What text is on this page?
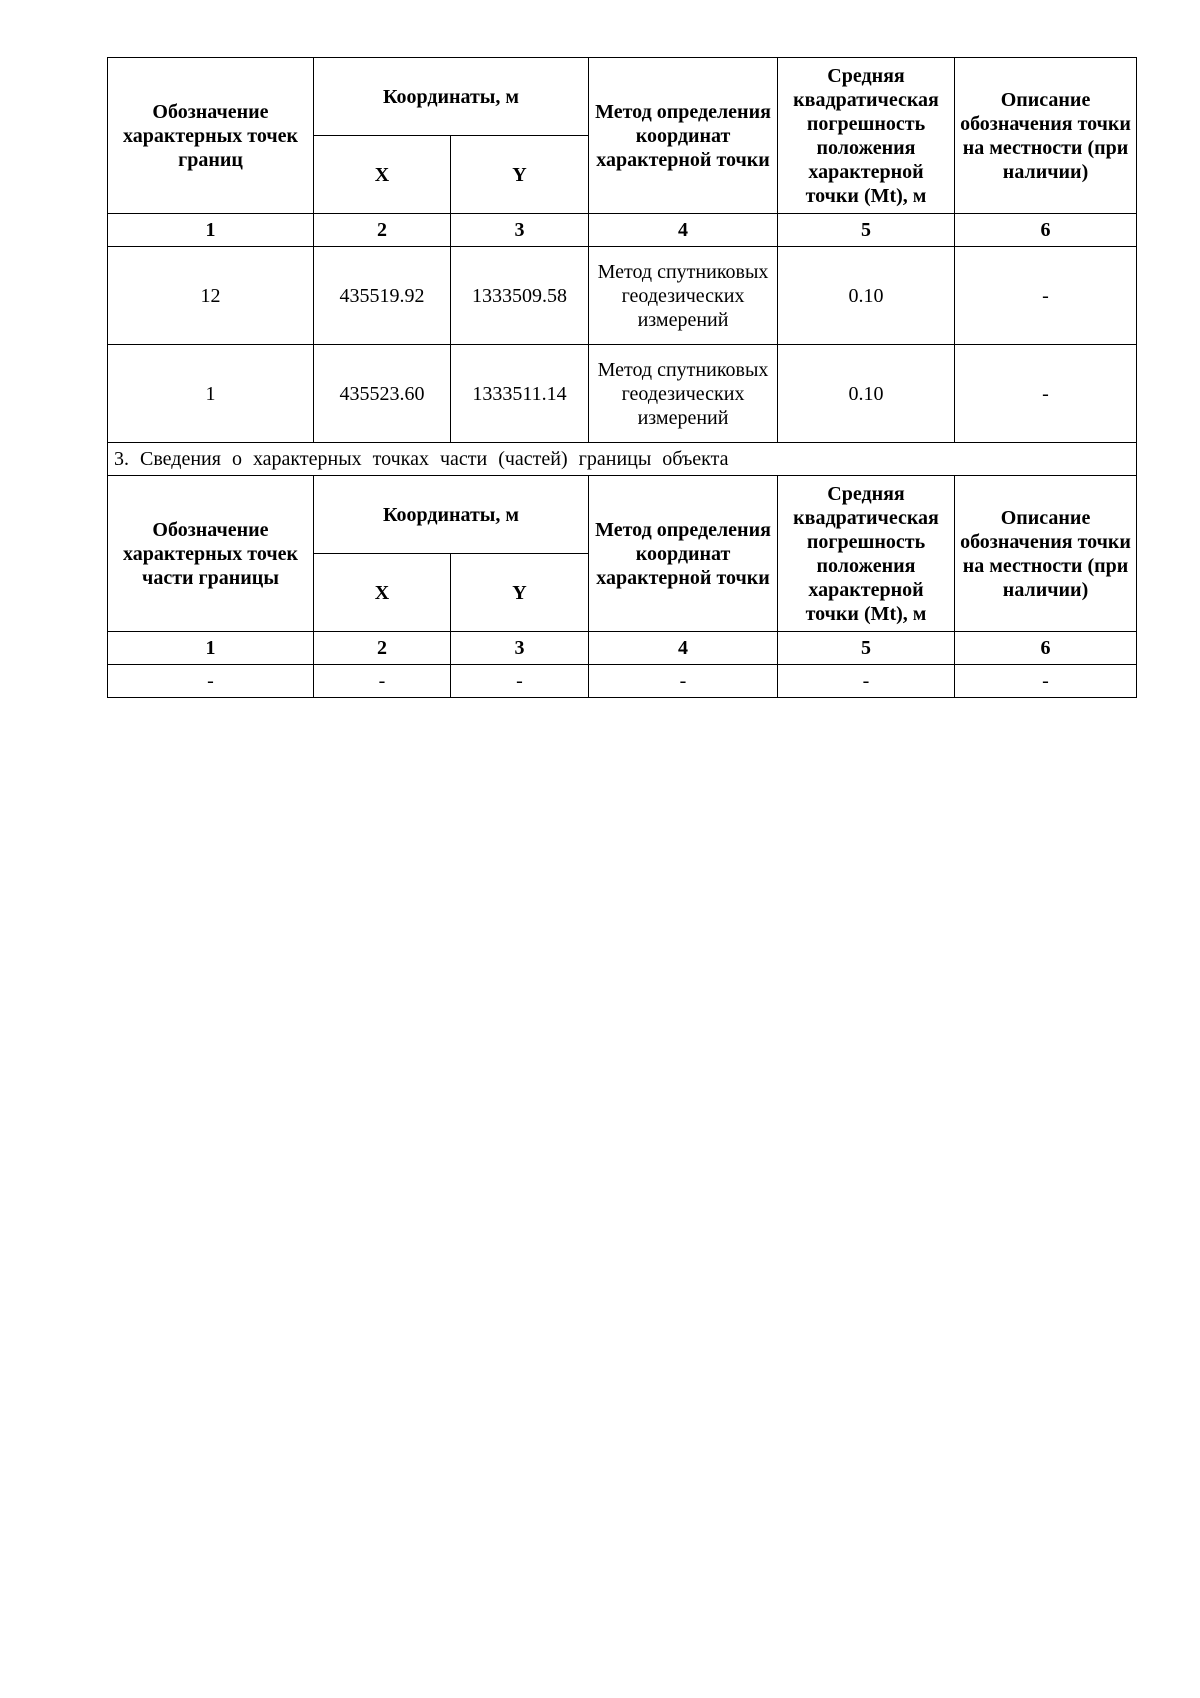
Обозначение характерных точек границ	Координаты, м		Метод определения координат характерной точки	Средняя квадратическая погрешность положения характерной точки (Mt), м	Описание обозначения точки на местности (при наличии)
	X	Y			
1	2	3	4	5	6
12	435519.92	1333509.58	Метод спутниковых геодезических измерений	0.10	-
1	435523.60	1333511.14	Метод спутниковых геодезических измерений	0.10	-
3. Сведения о характерных точках части (частей) границы объекта					
Обозначение характерных точек части границы	Координаты, м		Метод определения координат характерной точки	Средняя квадратическая погрешность положения характерной точки (Mt), м	Описание обозначения точки на местности (при наличии)
	X	Y			
1	2	3	4	5	6
-	-	-	-	-	-
